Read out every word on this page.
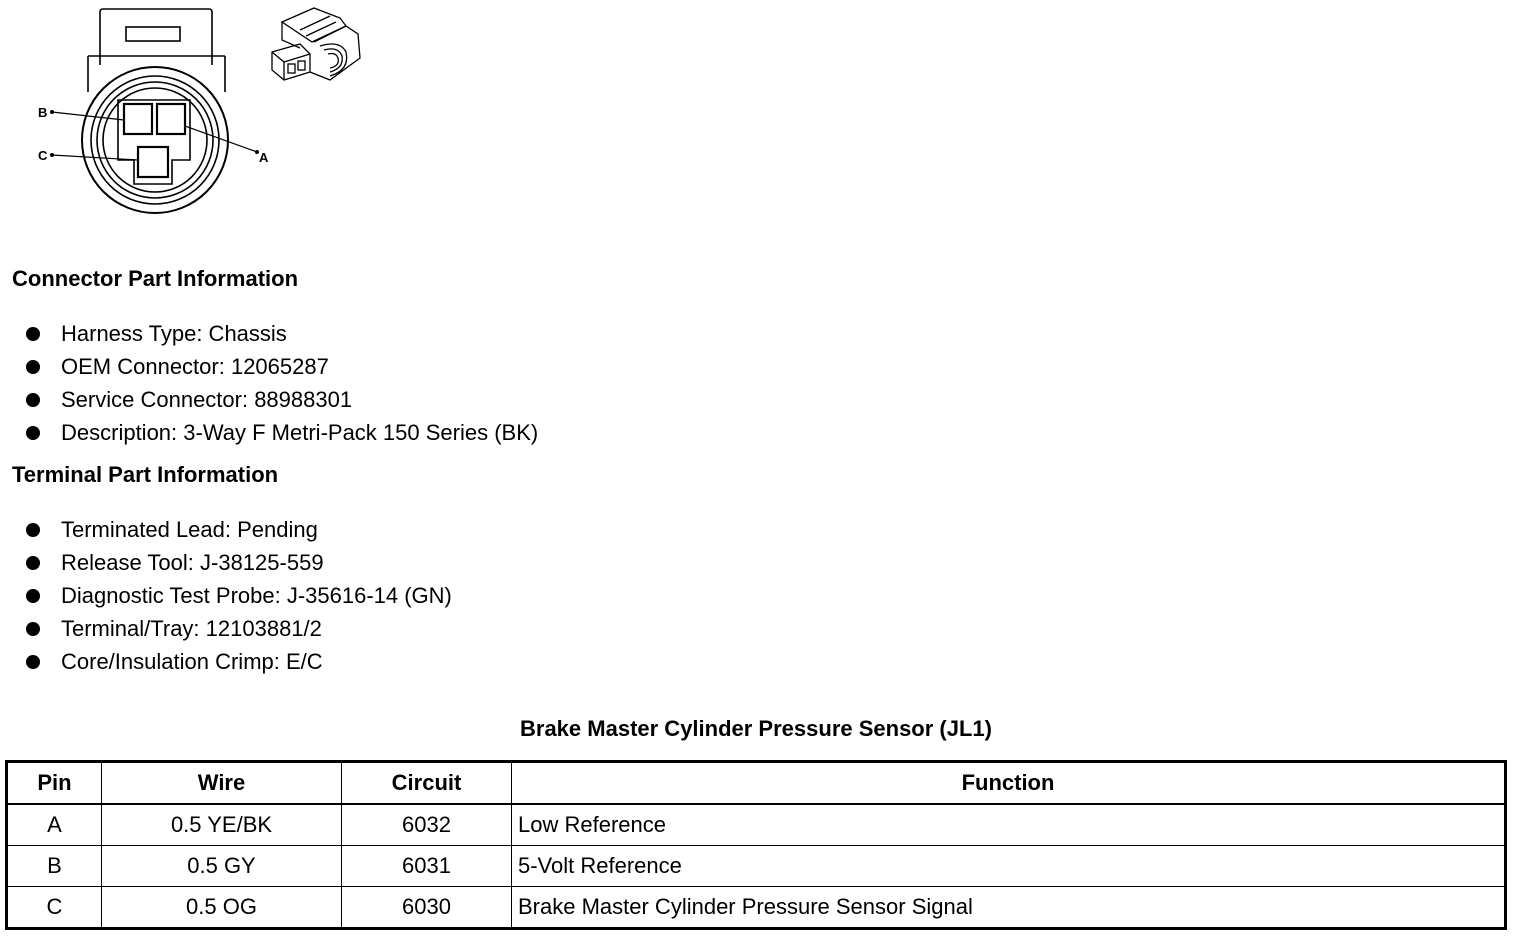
B
C	A
Connector Part Information
Harness Type: Chassis
OEM Connector: 12065287
Service Connector: 88988301
Description: 3-Way F Metri-Pack 150 Series (BK)
Terminal Part Information
Terminated Lead: Pending
Release Tool: J-38125-559
Diagnostic Test Probe: J-35616-14 (GN)
Terminal/Tray: 12103881/2
Core/Insulation Crimp: E/C
Brake Master Cylinder Pressure Sensor (JL1)
Pin	Wire	Circuit	Function
A	0.5 YE/BK	6032	Low Reference
B	0.5 GY	6031	5-Volt Reference
C	0.5 OG	6030	Brake Master Cylinder Pressure Sensor Signal
